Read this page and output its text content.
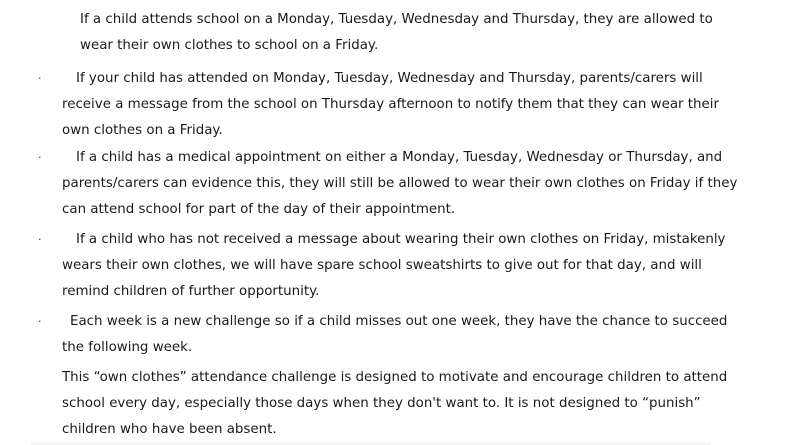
If a child attends school on a Monday, Tuesday, Wednesday and Thursday, they are allowed to
wear their own clothes to school on a Friday.

·	If your child has attended on Monday, Tuesday, Wednesday and Thursday, parents/carers will
receive a message from the school on Thursday afternoon to notify them that they can wear their
own clothes on a Friday.

·	If a child has a medical appointment on either a Monday, Tuesday, Wednesday or Thursday, and
parents/carers can evidence this, they will still be allowed to wear their own clothes on Friday if they
can attend school for part of the day of their appointment.

·	If a child who has not received a message about wearing their own clothes on Friday, mistakenly
wears their own clothes, we will have spare school sweatshirts to give out for that day, and will
remind children of further opportunity.

·	Each week is a new challenge so if a child misses out one week, they have the chance to succeed
the following week.

This “own clothes” attendance challenge is designed to motivate and encourage children to attend
school every day, especially those days when they don't want to. It is not designed to “punish”
children who have been absent.
